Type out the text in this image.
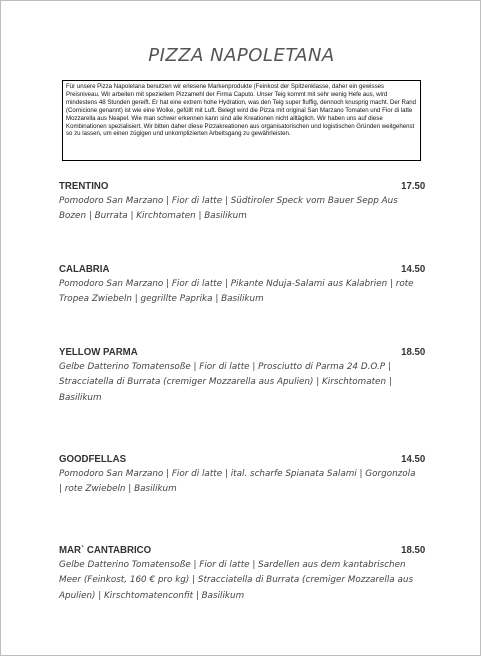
PIZZA NAPOLETANA
Für unsere Pizza Napoletana benutzen wir erlesene Markenprodukte (Feinkost der Spitzenklasse, daher ein gewisses Preisniveau. Wir arbeiten mit speziellem Pizzamehl der Firma Caputo. Unser Teig kommt mit sehr wenig Hefe aus, wird mindestens 48 Stunden gereift. Er hat eine extrem hohe Hydration, was den Teig super fluffig, dennoch knusprig macht. Der Rand (Cornicione genannt) ist wie eine Wolke, gefüllt mit Luft. Belegt wird die Pizza mit original San Marzano Tomaten und Fior di latte Mozzarella aus Neapel. Wie man schwer erkennen kann sind alle Kreationen nicht alltäglich. Wir haben uns auf diese Kombinationen spezialisiert. Wir bitten daher diese Pizzakreationen aus organisatorischen und logistischen Gründen weitgehenst so zu lassen, um einen zügigen und unkomplizierten Arbeitsgang zu gewährleisten.
TRENTINO	17.50
Pomodoro San Marzano | Fior di latte | Südtiroler Speck vom Bauer Sepp Aus Bozen | Burrata | Kirchtomaten | Basilikum
CALABRIA	14.50
Pomodoro San Marzano | Fior di latte | Pikante Nduja-Salami aus Kalabrien | rote Tropea Zwiebeln | gegrillte Paprika | Basilikum
YELLOW PARMA	18.50
Gelbe Datterino Tomatensoße | Fior di latte | Prosciutto di Parma 24 D.O.P | Stracciatella di Burrata (cremiger Mozzarella aus Apulien) | Kirschtomaten | Basilikum
GOODFELLAS	14.50
Pomodoro San Marzano | Fior di latte | ital. scharfe Spianata Salami | Gorgonzola | rote Zwiebeln | Basilikum
MAR` CANTABRICO	18.50
Gelbe Datterino Tomatensoße | Fior di latte | Sardellen aus dem kantabrischen Meer (Feinkost, 160 € pro kg) | Stracciatella di Burrata (cremiger Mozzarella aus Apulien) | Kirschtomatenconfit | Basilikum
